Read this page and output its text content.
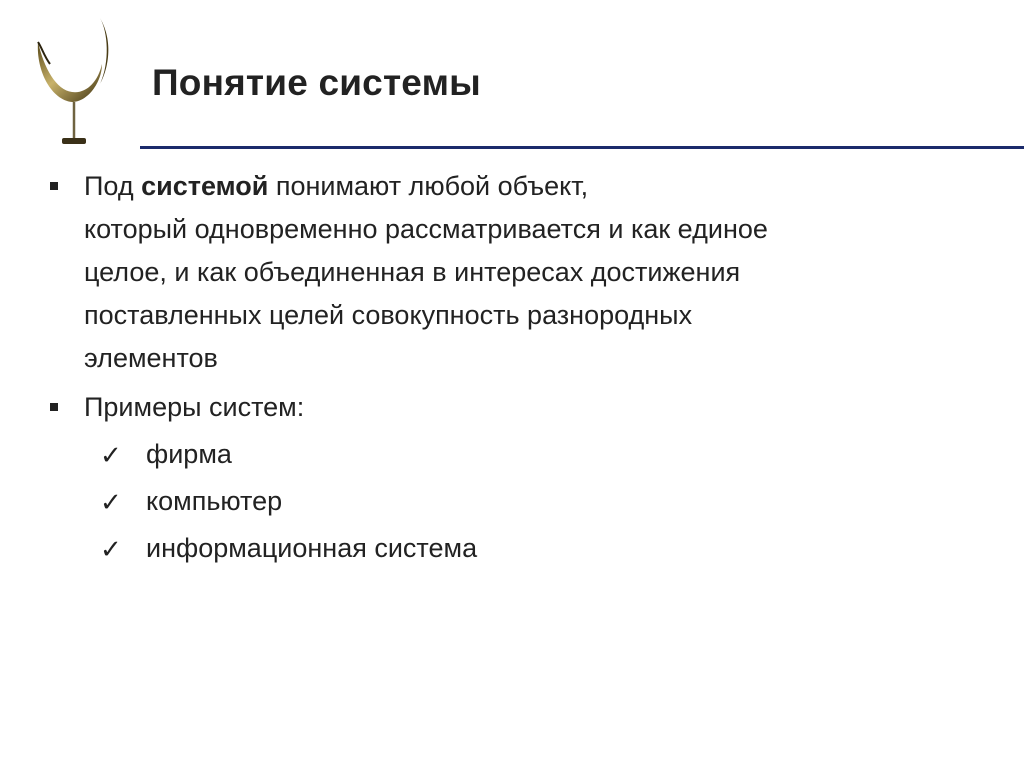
Понятие системы
Под системой понимают любой объект,
который одновременно рассматривается и как единое
целое, и как объединенная в интересах достижения
поставленных целей совокупность разнородных
элементов
Примеры систем:
✓ фирма
✓ компьютер
✓ информационная система
